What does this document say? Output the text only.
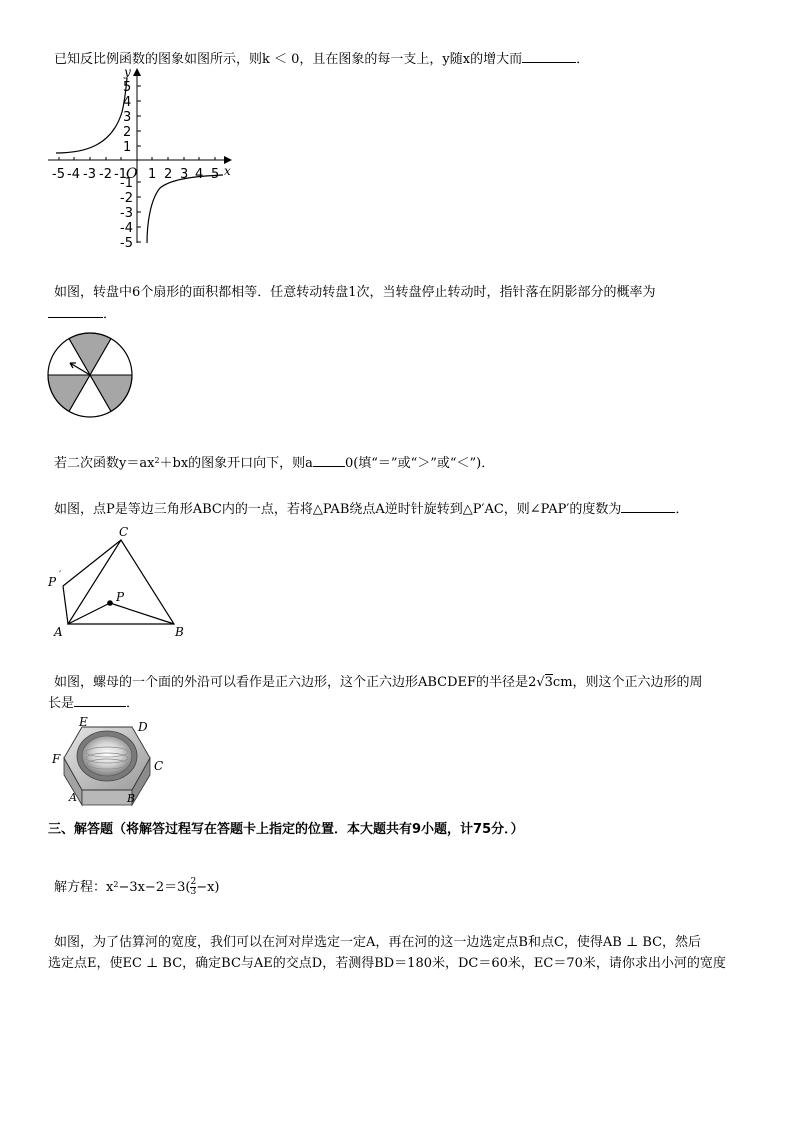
已知反比例函数的图象如图所示，则k ＜ 0，且在图象的每一支上，y随x的增大而	．
y
x
5
4
3
2
1
-5 -4 -3 -2 -1 O 1 2 3 4 5
-1
-2
-3
-4
-5
如图，转盘中6个扇形的面积都相等．任意转动转盘1次，当转盘停止转动时，指针落在阴影部分的概率为
．
若二次函数$y=ax^2+bx$的图象开口向下，则a 0(填“＝”或“＞”或“＜”)．
如图，点P是等边三角形ABC内的一点，若将△PAB绕点A逆时针旋转到△P′AC，则∠PAP′的度数为	．
C
P
P ′
A	B
如图，螺母的一个面的外沿可以看作是正六边形，这个正六边形ABCDEF的半径是2√3cm，则这个正六边形的周
长是	．
E	D
F	C
A	B
三、解答题（将解答过程写在答题卡上指定的位置．本大题共有9小题，计75分．）
解方程：$x^2-3x-2=3( \frac{2}{3} -x)$
如图，为了估算河的宽度，我们可以在河对岸选定一定A，再在河的这一边选定点B和点C，使得AB ⊥ BC，然后
选定点E，使EC ⊥ BC，确定BC与AE的交点D，若测得BD＝180米，DC＝60米，EC＝70米，请你求出小河的宽度
